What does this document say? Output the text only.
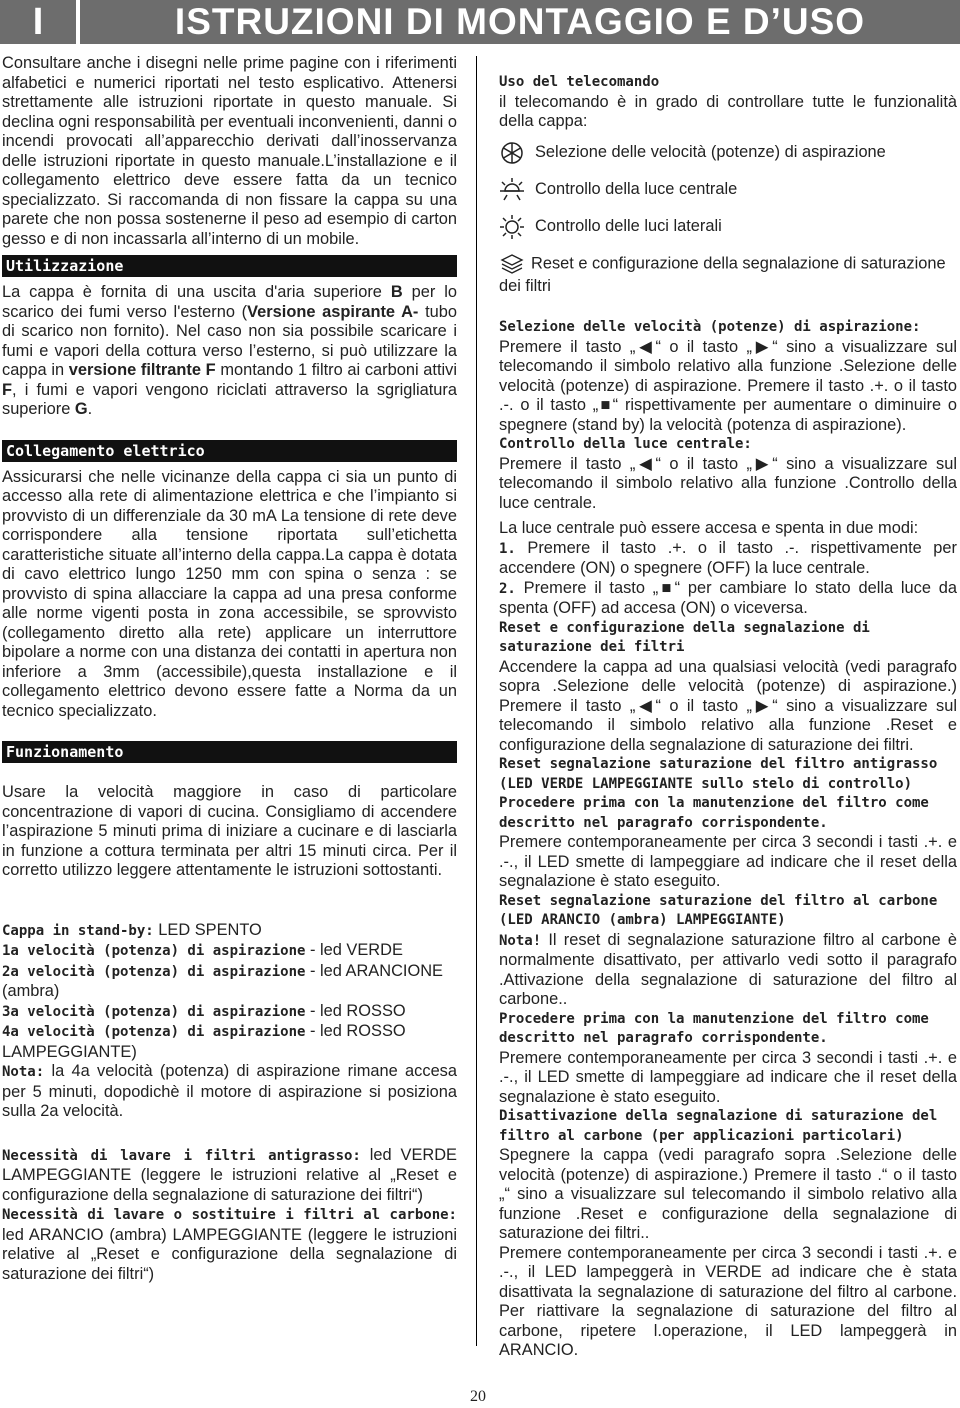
I	ISTRUZIONI DI MONTAGGIO E D’USO

Consultare anche i disegni nelle prime pagine con i riferimenti alfabetici e numerici riportati nel testo esplicativo. Attenersi strettamente alle istruzioni riportate in questo manuale. Si declina ogni responsabilità per eventuali inconvenienti, danni o incendi provocati all’apparecchio derivati dall’inosservanza delle istruzioni riportate in questo manuale.L’installazione e il collegamento elettrico deve essere fatta da un tecnico specializzato. Si raccomanda di non fissare la cappa su una parete che non possa sostenerne il peso ad esempio di carton gesso e di non incassarla all’interno di un mobile.

Utilizzazione

La cappa è fornita di una uscita d'aria superiore B per lo scarico dei fumi verso l'esterno (Versione aspirante A- tubo di scarico non fornito). Nel caso non sia possibile scaricare i fumi e vapori della cottura verso l’esterno, si può utilizzare la cappa in versione filtrante F montando 1 filtro ai carboni attivi F, i fumi e vapori vengono riciclati attraverso la sgrigliatura superiore G.

Collegamento elettrico

Assicurarsi che nelle vicinanze della cappa ci sia un punto di accesso alla rete di alimentazione elettrica e che l’impianto si provvisto di un differenziale da 30 mA La tensione di rete deve corrispondere alla tensione riportata sull’etichetta caratteristiche situate all’interno della cappa.La cappa è dotata di cavo elettrico lungo 1250 mm con spina o senza : se provvisto di spina allacciare la cappa ad una presa conforme alle norme vigenti posta in zona accessibile, se sprovvisto (collegamento diretto alla rete) applicare un interruttore bipolare a norme con una distanza dei contatti in apertura non inferiore a 3mm (accessibile),questa installazione e il collegamento elettrico devono essere fatte a Norma da un tecnico specializzato.

Funzionamento

Usare la velocità maggiore in caso di particolare concentrazione di vapori di cucina. Consigliamo di accendere l’aspirazione 5 minuti prima di iniziare a cucinare e di lasciarla in funzione a cottura terminata per altri 15 minuti circa. Per il corretto utilizzo leggere attentamente le istruzioni sottostanti.

Cappa in stand-by: LED SPENTO
1a velocità (potenza) di aspirazione - led VERDE
2a velocità (potenza) di aspirazione - led ARANCIONE (ambra)
3a velocità (potenza) di aspirazione - led ROSSO
4a velocità (potenza) di aspirazione - led ROSSO LAMPEGGIANTE)

Nota: la 4a velocità (potenza) di aspirazione rimane accesa per 5 minuti, dopodichè il motore di aspirazione si posiziona sulla 2a velocità.

Necessità di lavare i filtri antigrasso: led VERDE LAMPEGGIANTE (leggere le istruzioni relative al „Reset e configurazione della segnalazione di saturazione dei filtri“)

Necessità di lavare o sostituire i filtri al carbone: led ARANCIO (ambra) LAMPEGGIANTE (leggere le istruzioni relative al „Reset e configurazione della segnalazione di saturazione dei filtri“)

Uso del telecomando

il telecomando è in grado di controllare tutte le funzionalità della cappa:

Selezione delle velocità (potenze) di aspirazione
Controllo della luce centrale
Controllo delle luci laterali
Reset e configurazione della segnalazione di saturazione dei filtri
Selezione delle velocità (potenze) di aspirazione:

Premere il tasto „◀“ o il tasto „▶“ sino a visualizzare sul telecomando il simbolo relativo alla funzione .Selezione delle velocità (potenze) di aspirazione. Premere il tasto .+. o il tasto .-. o il tasto „■“ rispettivamente per aumentare o diminuire o spegnere (stand by) la velocità (potenza di aspirazione).

Controllo della luce centrale:

Premere il tasto „◀“ o il tasto „▶“ sino a visualizzare sul telecomando il simbolo relativo alla funzione .Controllo della luce centrale.

La luce centrale può essere accesa e spenta in due modi:

1. Premere il tasto .+. o il tasto .-. rispettivamente per accendere (ON) o spegnere (OFF) la luce centrale.

2. Premere il tasto „■“ per cambiare lo stato della luce da spenta (OFF) ad accesa (ON) o viceversa.

Reset e configurazione della segnalazione di saturazione dei filtri

Accendere la cappa ad una qualsiasi velocità (vedi paragrafo sopra .Selezione delle velocità (potenze) di aspirazione.) Premere il tasto „◀“ o il tasto „▶“ sino a visualizzare sul telecomando il simbolo relativo alla funzione .Reset e configurazione della segnalazione di saturazione dei filtri.

Reset segnalazione saturazione del filtro antigrasso (LED VERDE LAMPEGGIANTE sullo stelo di controllo)
Procedere prima con la manutenzione del filtro come descritto nel paragrafo corrispondente.

Premere contemporaneamente per circa 3 secondi i tasti .+. e .-., il LED smette di lampeggiare ad indicare che il reset della segnalazione è stato eseguito.

Reset segnalazione saturazione del filtro al carbone (LED ARANCIO (ambra) LAMPEGGIANTE)

Nota! Il reset di segnalazione saturazione filtro al carbone è normalmente disattivato, per attivarlo vedi sotto il paragrafo .Attivazione della segnalazione di saturazione del filtro al carbone..

Procedere prima con la manutenzione del filtro come descritto nel paragrafo corrispondente.

Premere contemporaneamente per circa 3 secondi i tasti .+. e .-., il LED smette di lampeggiare ad indicare che il reset della segnalazione è stato eseguito.

Disattivazione della segnalazione di saturazione del filtro al carbone (per applicazioni particolari)

Spegnere la cappa (vedi paragrafo sopra .Selezione delle velocità (potenze) di aspirazione.) Premere il tasto .“ o il tasto „“ sino a visualizzare sul telecomando il simbolo relativo alla funzione .Reset e configurazione della segnalazione di saturazione dei filtri..

Premere contemporaneamente per circa 3 secondi i tasti .+. e .-., il LED lampeggerà in VERDE ad indicare che è stata disattivata la segnalazione di saturazione del filtro al carbone. Per riattivare la segnalazione di saturazione del filtro al carbone, ripetere l.operazione, il LED lampeggerà in ARANCIO.

20
